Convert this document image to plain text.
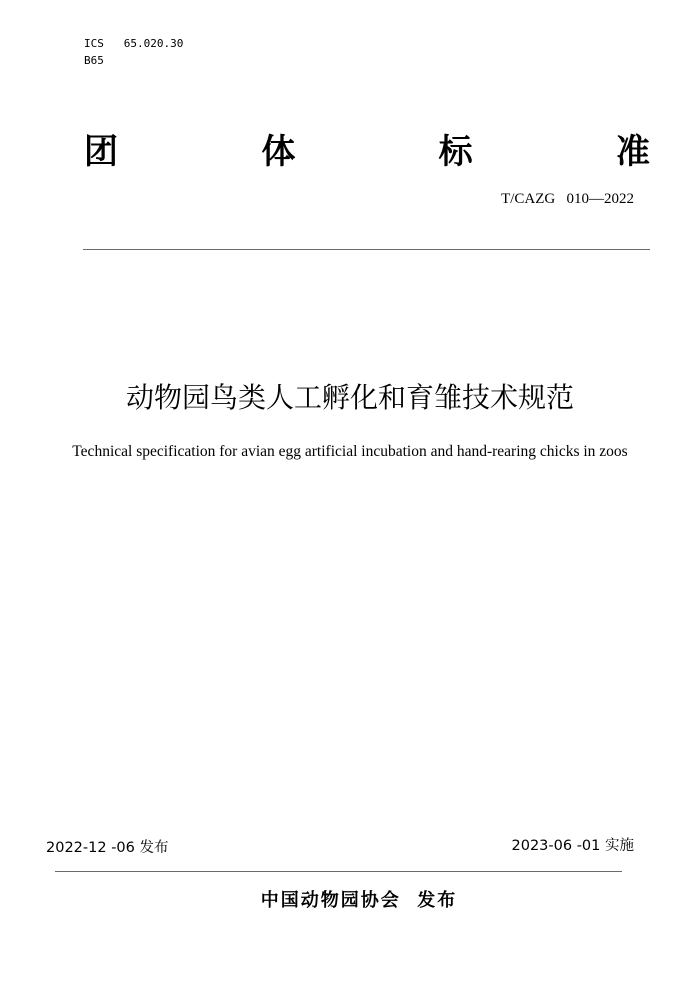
ICS   65.020.30
B65
团	体	标	准
T/CAZG   010—2022
动物园鸟类人工孵化和育雏技术规范
Technical specification for avian egg artificial incubation and hand-rearing chicks in zoos
2022-12 -06 发布	2023-06 -01 实施
中国动物园协会  发布
